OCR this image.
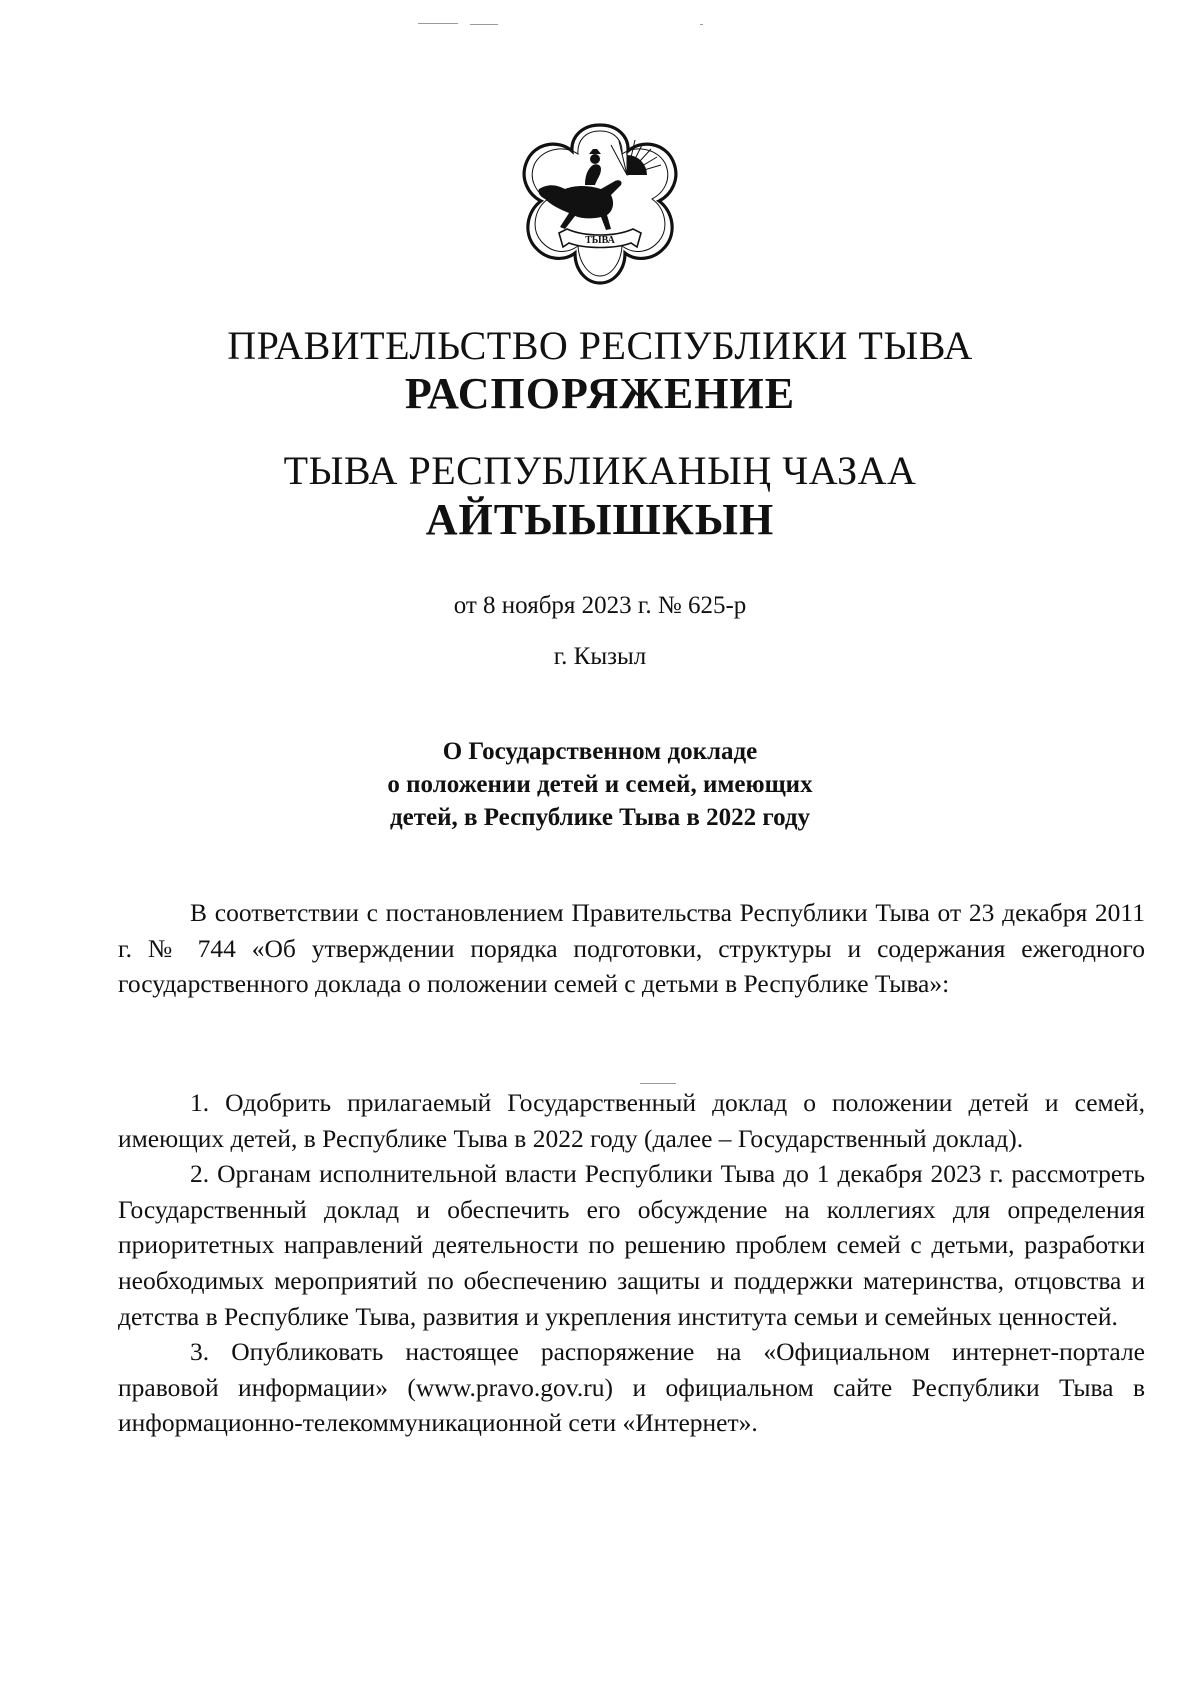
ТЫВА
ПРАВИТЕЛЬСТВО РЕСПУБЛИКИ ТЫВА
РАСПОРЯЖЕНИЕ
ТЫВА РЕСПУБЛИКАНЫҢ ЧАЗАА
АЙТЫЫШКЫН
от 8 ноября 2023 г. № 625-р
г. Кызыл
О Государственном докладе
о положении детей и семей, имеющих
детей, в Республике Тыва в 2022 году

В соответствии с постановлением Правительства Республики Тыва от 23 декабря 2011 г. № 744 «Об утверждении порядка подготовки, структуры и содержания ежегодного государственного доклада о положении семей с детьми в Республике Тыва»:

1. Одобрить прилагаемый Государственный доклад о положении детей и семей, имеющих детей, в Республике Тыва в 2022 году (далее – Государственный доклад).

2. Органам исполнительной власти Республики Тыва до 1 декабря 2023 г. рассмотреть Государственный доклад и обеспечить его обсуждение на коллегиях для определения приоритетных направлений деятельности по решению проблем семей с детьми, разработки необходимых мероприятий по обеспечению защиты и поддержки материнства, отцовства и детства в Республике Тыва, развития и укрепления института семьи и семейных ценностей.

3. Опубликовать настоящее распоряжение на «Официальном интернет-портале правовой информации» (www.pravo.gov.ru) и официальном сайте Республики Тыва в информационно-телекоммуникационной сети «Интернет».
